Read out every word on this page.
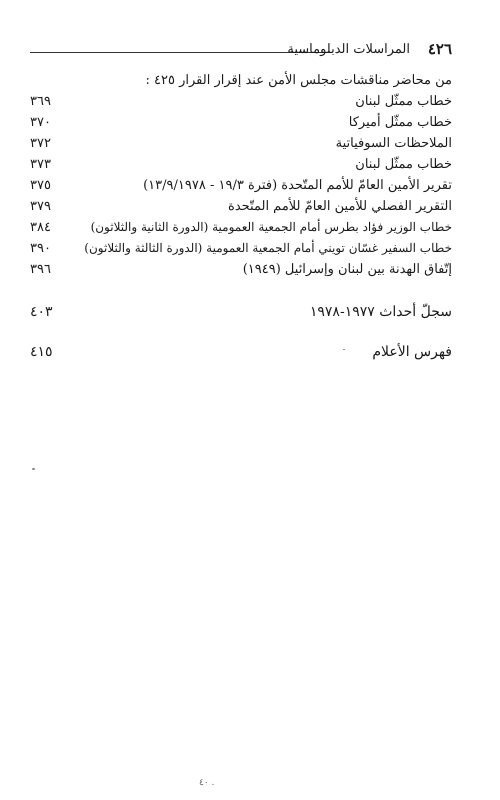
المراسلات الدبلوماسية ٤٢٦
من محاضر مناقشات مجلس الأمن عند إقرار القرار ٤٢٥ :
خطاب ممثّل لبنان
٣٦٩
خطاب ممثّل أميركا
٣٧٠
الملاحظات السوفياتية
٣٧٢
خطاب ممثّل لبنان
٣٧٣
تقرير الأمين العامّ للأمم المتّحدة (فترة ١٩/٣ - ١٣/٩/١٩٧٨)
٣٧٥
التقرير الفصلي للأمين العامّ للأمم المتّحدة
٣٧٩
خطاب الوزير فؤاد بطرس أمام الجمعية العمومية (الدورة الثانية والثلاثون)
٣٨٤
خطاب السفير غسّان تويني أمام الجمعية العمومية (الدورة الثالثة والثلاثون)
٣٩٠
إتّفاق الهدنة بين لبنان وإسرائيل (١٩٤٩)
٣٩٦
سجلّ أحداث ١٩٧٧-١٩٧٨
٤٠٣
فهرس الأعلام
٤١٥
٤٠ .
